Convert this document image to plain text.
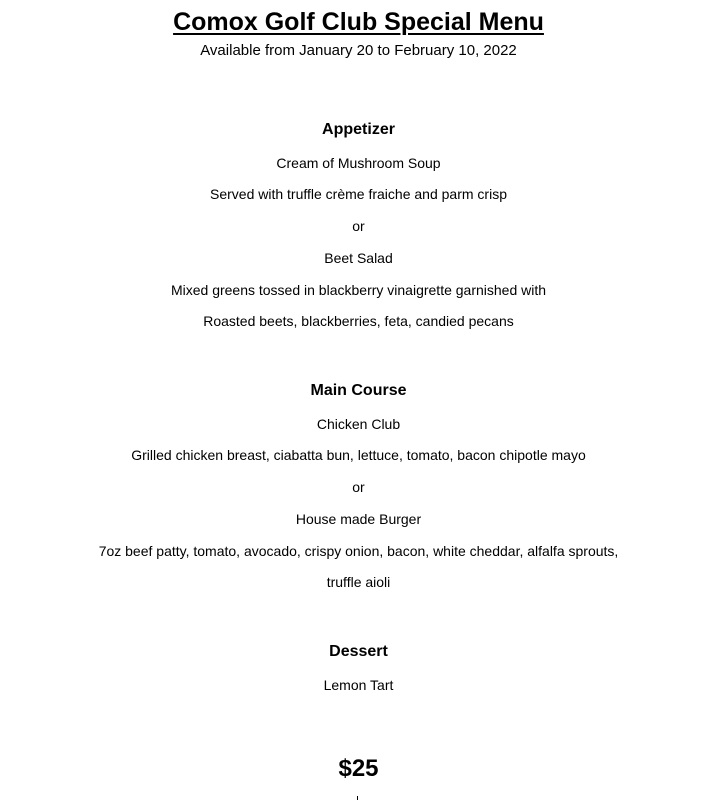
Comox Golf Club Special Menu
Available from January 20 to February 10, 2022
Appetizer
Cream of Mushroom Soup
Served with truffle crème fraiche and parm crisp
or
Beet Salad
Mixed greens tossed in blackberry vinaigrette garnished with
Roasted beets, blackberries, feta, candied pecans
Main Course
Chicken Club
Grilled chicken breast, ciabatta bun, lettuce, tomato, bacon chipotle mayo
or
House made Burger
7oz beef patty, tomato, avocado, crispy onion, bacon, white cheddar, alfalfa sprouts,
truffle aioli
Dessert
Lemon Tart
$25
